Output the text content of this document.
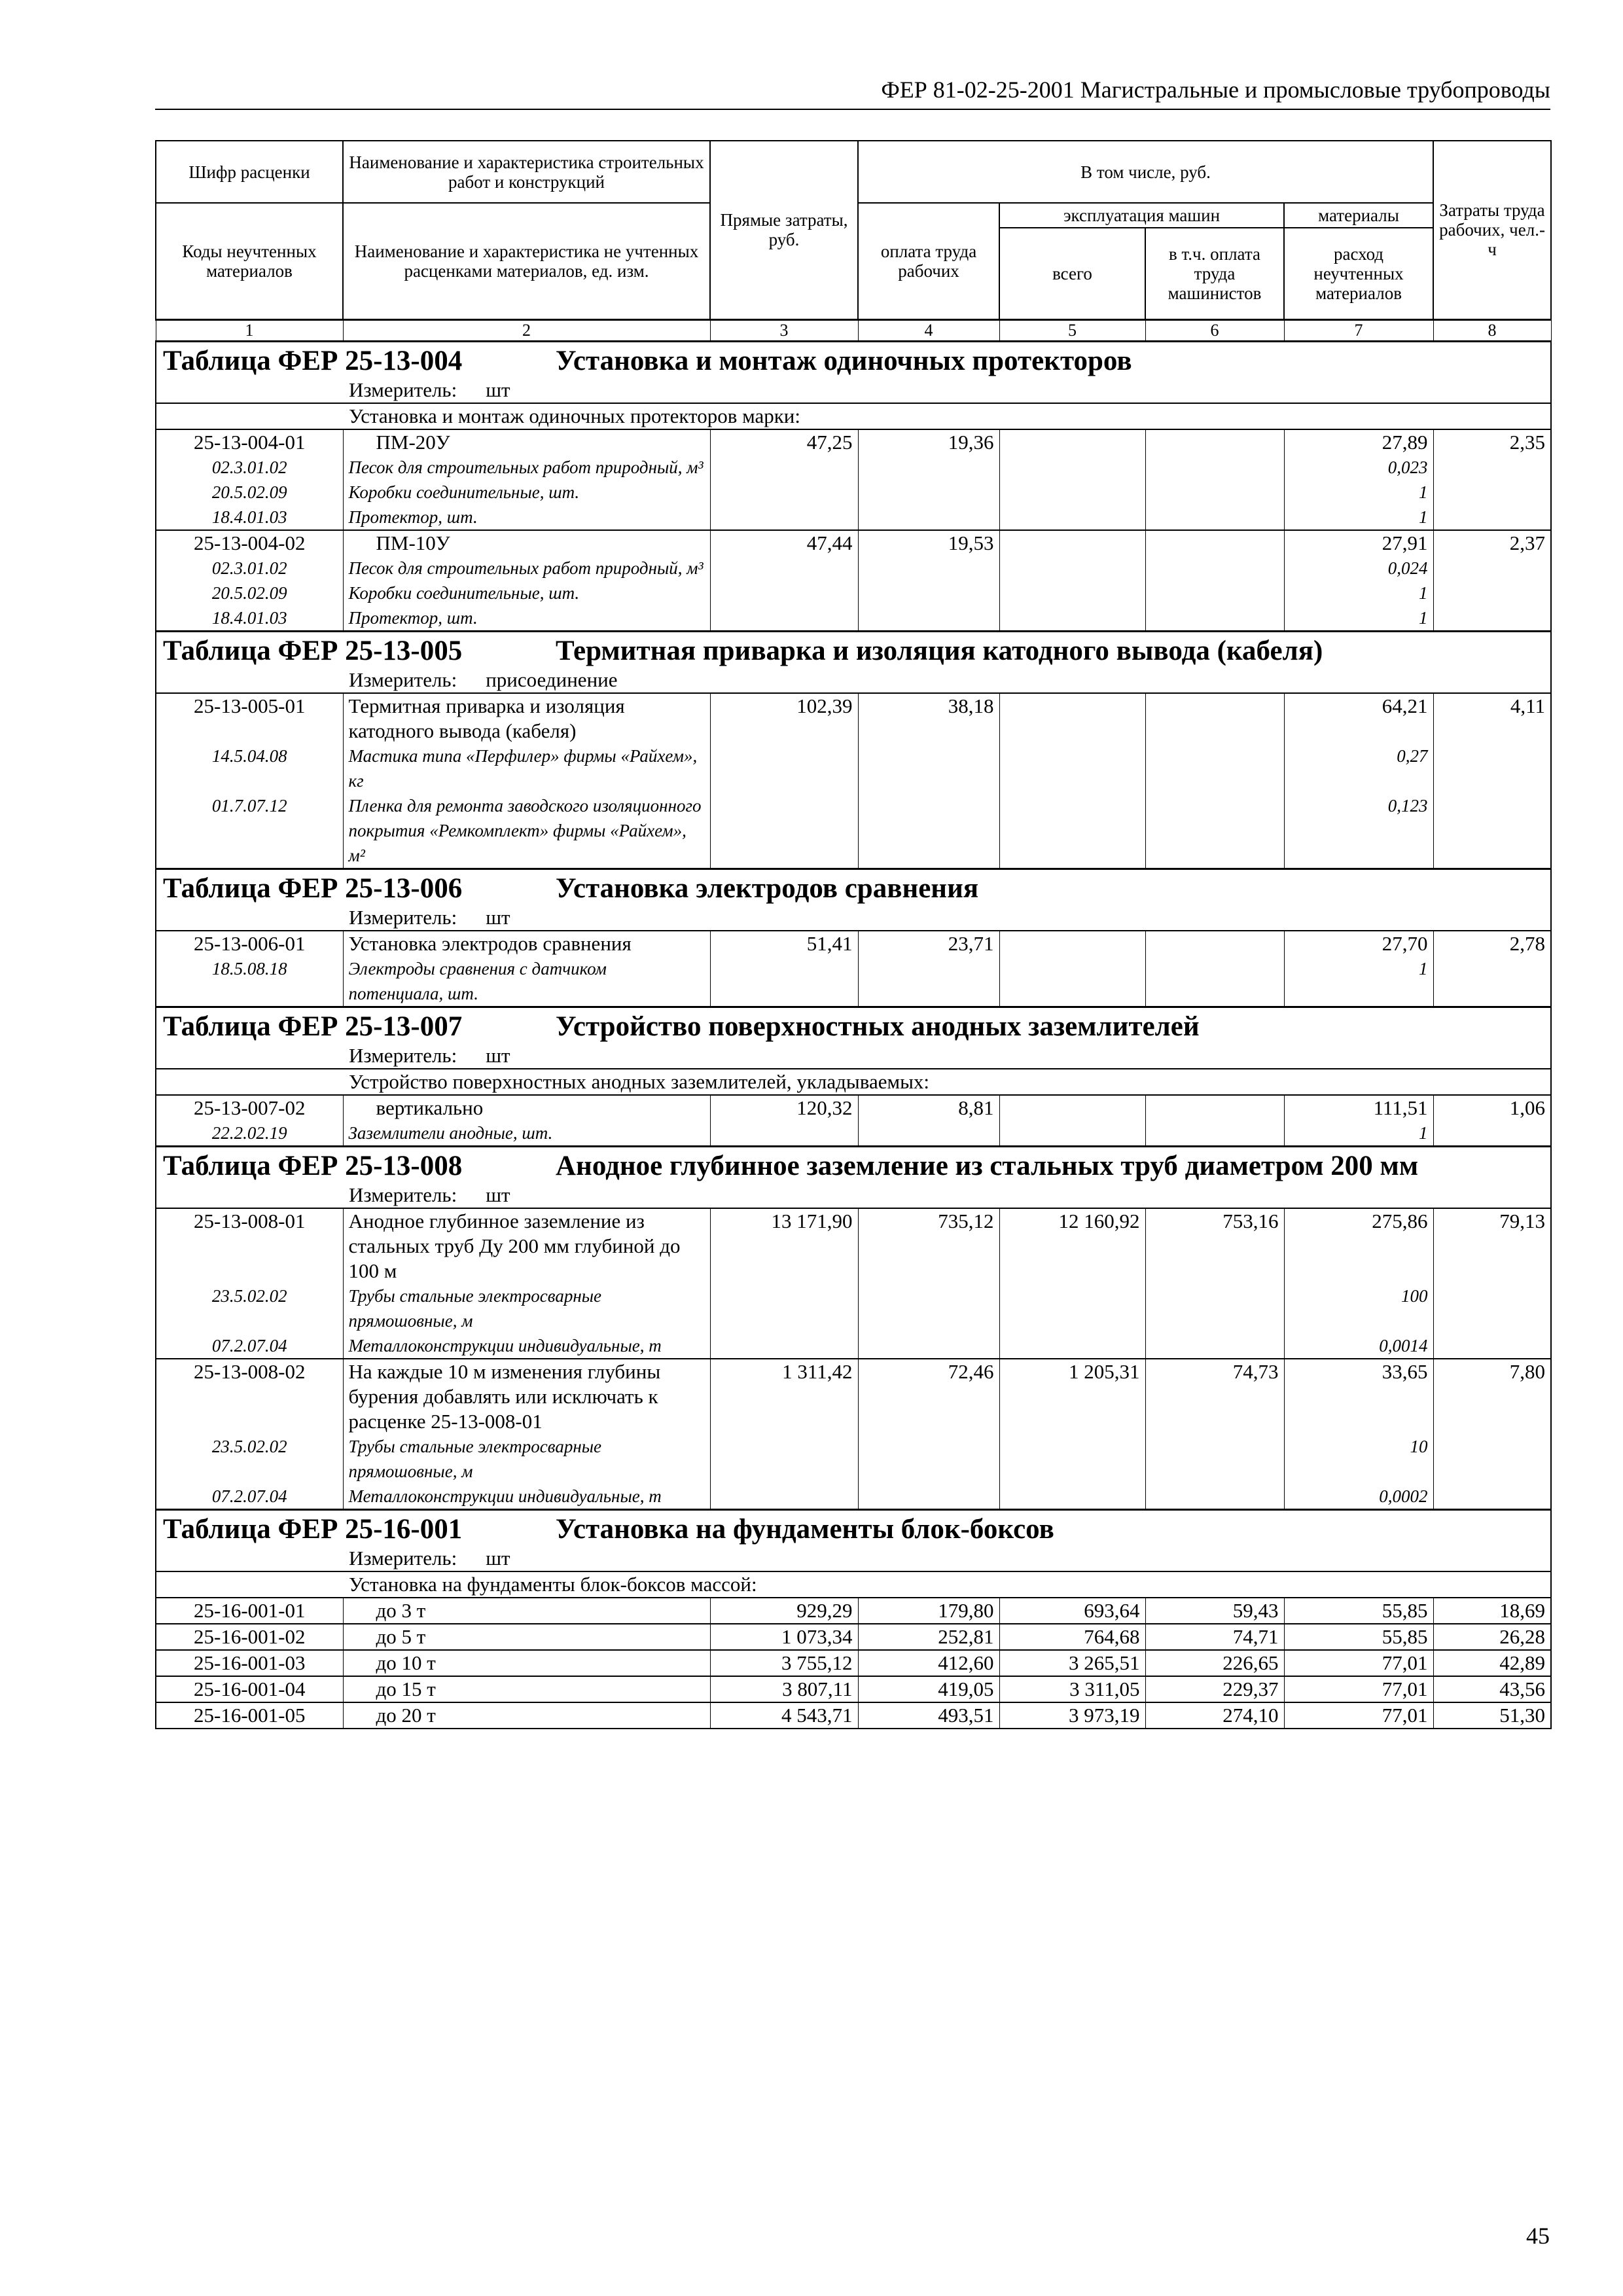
ФЕР 81-02-25-2001 Магистральные и промысловые трубопроводы
Шифр расценки	Наименование и характеристика строительных работ и конструкций	Прямые затраты, руб.	В том числе, руб.				Затраты труда рабочих, чел.-ч
Коды неучтенных материалов	Наименование и характеристика не учтенных расценками материалов, ед. изм.		оплата труда рабочих	эксплуатация машин		материалы	
				всего	в т.ч. оплата труда машинистов	расход неучтенных материалов	
1	2	3	4	5	6	7	8

Таблица ФЕР 25-13-004 Установка и монтаж одиночных протекторов							

Измеритель: шт							
Установка и монтаж одиночных протекторов марки:							
25-13-004-01	ПМ-20У	47,25	19,36			27,89	2,35
02.3.01.02	Песок для строительных работ природный, м³					0,023	
20.5.02.09	Коробки соединительные, шт.					1	
18.4.01.03	Протектор, шт.					1	
25-13-004-02	ПМ-10У	47,44	19,53			27,91	2,37
02.3.01.02	Песок для строительных работ природный, м³					0,024	
20.5.02.09	Коробки соединительные, шт.					1	
18.4.01.03	Протектор, шт.					1	

Таблица ФЕР 25-13-005 Термитная приварка и изоляция катодного вывода (кабеля)							

Измеритель: присоединение							
25-13-005-01	Термитная приварка и изоляция катодного вывода (кабеля)	102,39	38,18			64,21	4,11
14.5.04.08	Мастика типа «Перфилер» фирмы «Райхем», кг					0,27	
01.7.07.12	Пленка для ремонта заводского изоляционного покрытия «Ремкомплект» фирмы «Райхем», м²					0,123	

Таблица ФЕР 25-13-006 Установка электродов сравнения							

Измеритель: шт							
25-13-006-01	Установка электродов сравнения	51,41	23,71			27,70	2,78
18.5.08.18	Электроды сравнения с датчиком потенциала, шт.					1	

Таблица ФЕР 25-13-007 Устройство поверхностных анодных заземлителей							

Измеритель: шт							
Устройство поверхностных анодных заземлителей, укладываемых:							
25-13-007-02	вертикально	120,32	8,81			111,51	1,06
22.2.02.19	Заземлители анодные, шт.					1	

Таблица ФЕР 25-13-008 Анодное глубинное заземление из стальных труб диаметром 200 мм							

Измеритель: шт							
25-13-008-01	Анодное глубинное заземление из стальных труб Ду 200 мм глубиной до 100 м	13 171,90	735,12	12 160,92	753,16	275,86	79,13
23.5.02.02	Трубы стальные электросварные прямошовные, м					100	
07.2.07.04	Металлоконструкции индивидуальные, т					0,0014	
25-13-008-02	На каждые 10 м изменения глубины бурения добавлять или исключать к расценке 25-13-008-01	1 311,42	72,46	1 205,31	74,73	33,65	7,80
23.5.02.02	Трубы стальные электросварные прямошовные, м					10	
07.2.07.04	Металлоконструкции индивидуальные, т					0,0002	

Таблица ФЕР 25-16-001 Установка на фундаменты блок-боксов							

Измеритель: шт							
Установка на фундаменты блок-боксов массой:							
25-16-001-01	до 3 т	929,29	179,80	693,64	59,43	55,85	18,69
25-16-001-02	до 5 т	1 073,34	252,81	764,68	74,71	55,85	26,28
25-16-001-03	до 10 т	3 755,12	412,60	3 265,51	226,65	77,01	42,89
25-16-001-04	до 15 т	3 807,11	419,05	3 311,05	229,37	77,01	43,56
25-16-001-05	до 20 т	4 543,71	493,51	3 973,19	274,10	77,01	51,30
45
